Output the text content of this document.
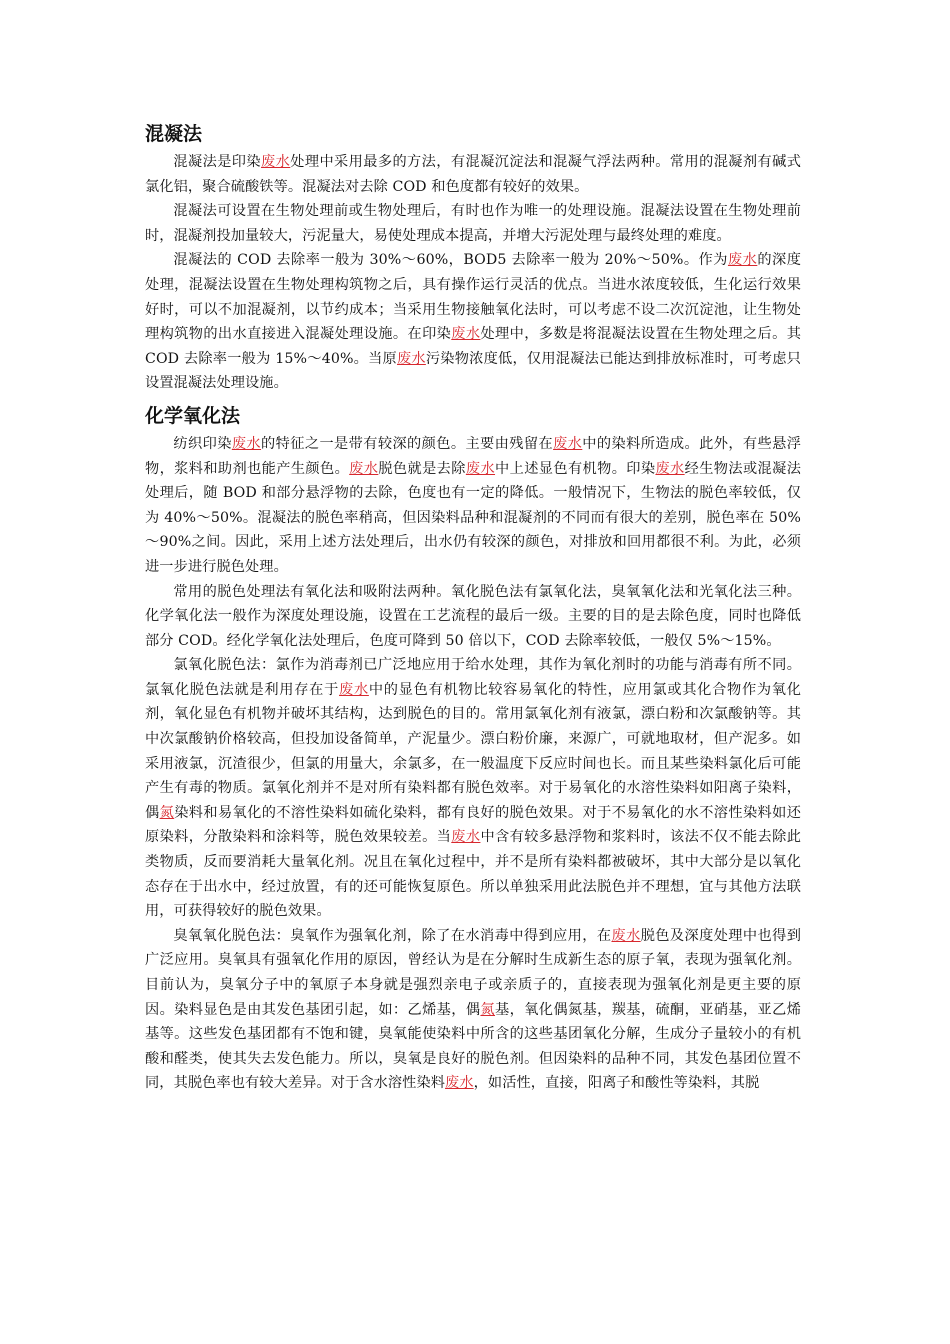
混凝法

混凝法是印染废水处理中采用最多的方法，有混凝沉淀法和混凝气浮法两种。常用的混凝剂有碱式氯化铝，聚合硫酸铁等。混凝法对去除 COD 和色度都有较好的效果。

混凝法可设置在生物处理前或生物处理后，有时也作为唯一的处理设施。混凝法设置在生物处理前时，混凝剂投加量较大，污泥量大，易使处理成本提高，并增大污泥处理与最终处理的难度。

混凝法的 COD 去除率一般为 30%～60%，BOD5 去除率一般为 20%～50%。作为废水的深度处理，混凝法设置在生物处理构筑物之后，具有操作运行灵活的优点。当进水浓度较低，生化运行效果好时，可以不加混凝剂，以节约成本；当采用生物接触氧化法时，可以考虑不设二次沉淀池，让生物处理构筑物的出水直接进入混凝处理设施。在印染废水处理中，多数是将混凝法设置在生物处理之后。其 COD 去除率一般为 15%～40%。当原废水污染物浓度低，仅用混凝法已能达到排放标准时，可考虑只设置混凝法处理设施。

化学氧化法

纺织印染废水的特征之一是带有较深的颜色。主要由残留在废水中的染料所造成。此外，有些悬浮物，浆料和助剂也能产生颜色。废水脱色就是去除废水中上述显色有机物。印染废水经生物法或混凝法处理后，随 BOD 和部分悬浮物的去除，色度也有一定的降低。一般情况下，生物法的脱色率较低，仅为 40%～50%。混凝法的脱色率稍高，但因染料品种和混凝剂的不同而有很大的差别，脱色率在 50%～90%之间。因此，采用上述方法处理后，出水仍有较深的颜色，对排放和回用都很不利。为此，必须进一步进行脱色处理。

常用的脱色处理法有氧化法和吸附法两种。氧化脱色法有氯氧化法，臭氧氧化法和光氧化法三种。化学氧化法一般作为深度处理设施，设置在工艺流程的最后一级。主要的目的是去除色度，同时也降低部分 COD。经化学氧化法处理后，色度可降到 50 倍以下，COD 去除率较低，一般仅 5%～15%。

氯氧化脱色法：氯作为消毒剂已广泛地应用于给水处理，其作为氧化剂时的功能与消毒有所不同。氯氧化脱色法就是利用存在于废水中的显色有机物比较容易氧化的特性，应用氯或其化合物作为氧化剂，氧化显色有机物并破坏其结构，达到脱色的目的。常用氯氧化剂有液氯，漂白粉和次氯酸钠等。其中次氯酸钠价格较高，但投加设备简单，产泥量少。漂白粉价廉，来源广，可就地取材，但产泥多。如采用液氯，沉渣很少，但氯的用量大，余氯多，在一般温度下反应时间也长。而且某些染料氯化后可能产生有毒的物质。氯氧化剂并不是对所有染料都有脱色效率。对于易氧化的水溶性染料如阳离子染料，偶氮染料和易氧化的不溶性染料如硫化染料，都有良好的脱色效果。对于不易氧化的水不溶性染料如还原染料，分散染料和涂料等，脱色效果较差。当废水中含有较多悬浮物和浆料时，该法不仅不能去除此类物质，反而要消耗大量氧化剂。况且在氧化过程中，并不是所有染料都被破坏，其中大部分是以氧化态存在于出水中，经过放置，有的还可能恢复原色。所以单独采用此法脱色并不理想，宜与其他方法联用，可获得较好的脱色效果。

臭氧氧化脱色法：臭氧作为强氧化剂，除了在水消毒中得到应用，在废水脱色及深度处理中也得到广泛应用。臭氧具有强氧化作用的原因，曾经认为是在分解时生成新生态的原子氧，表现为强氧化剂。目前认为，臭氧分子中的氧原子本身就是强烈亲电子或亲质子的，直接表现为强氧化剂是更主要的原因。染料显色是由其发色基团引起，如：乙烯基，偶氮基，氧化偶氮基，羰基，硫酮，亚硝基，亚乙烯基等。这些发色基团都有不饱和键，臭氧能使染料中所含的这些基团氧化分解，生成分子量较小的有机酸和醛类，使其失去发色能力。所以，臭氧是良好的脱色剂。但因染料的品种不同，其发色基团位置不同，其脱色率也有较大差异。对于含水溶性染料废水，如活性，直接，阳离子和酸性等染料，其脱
